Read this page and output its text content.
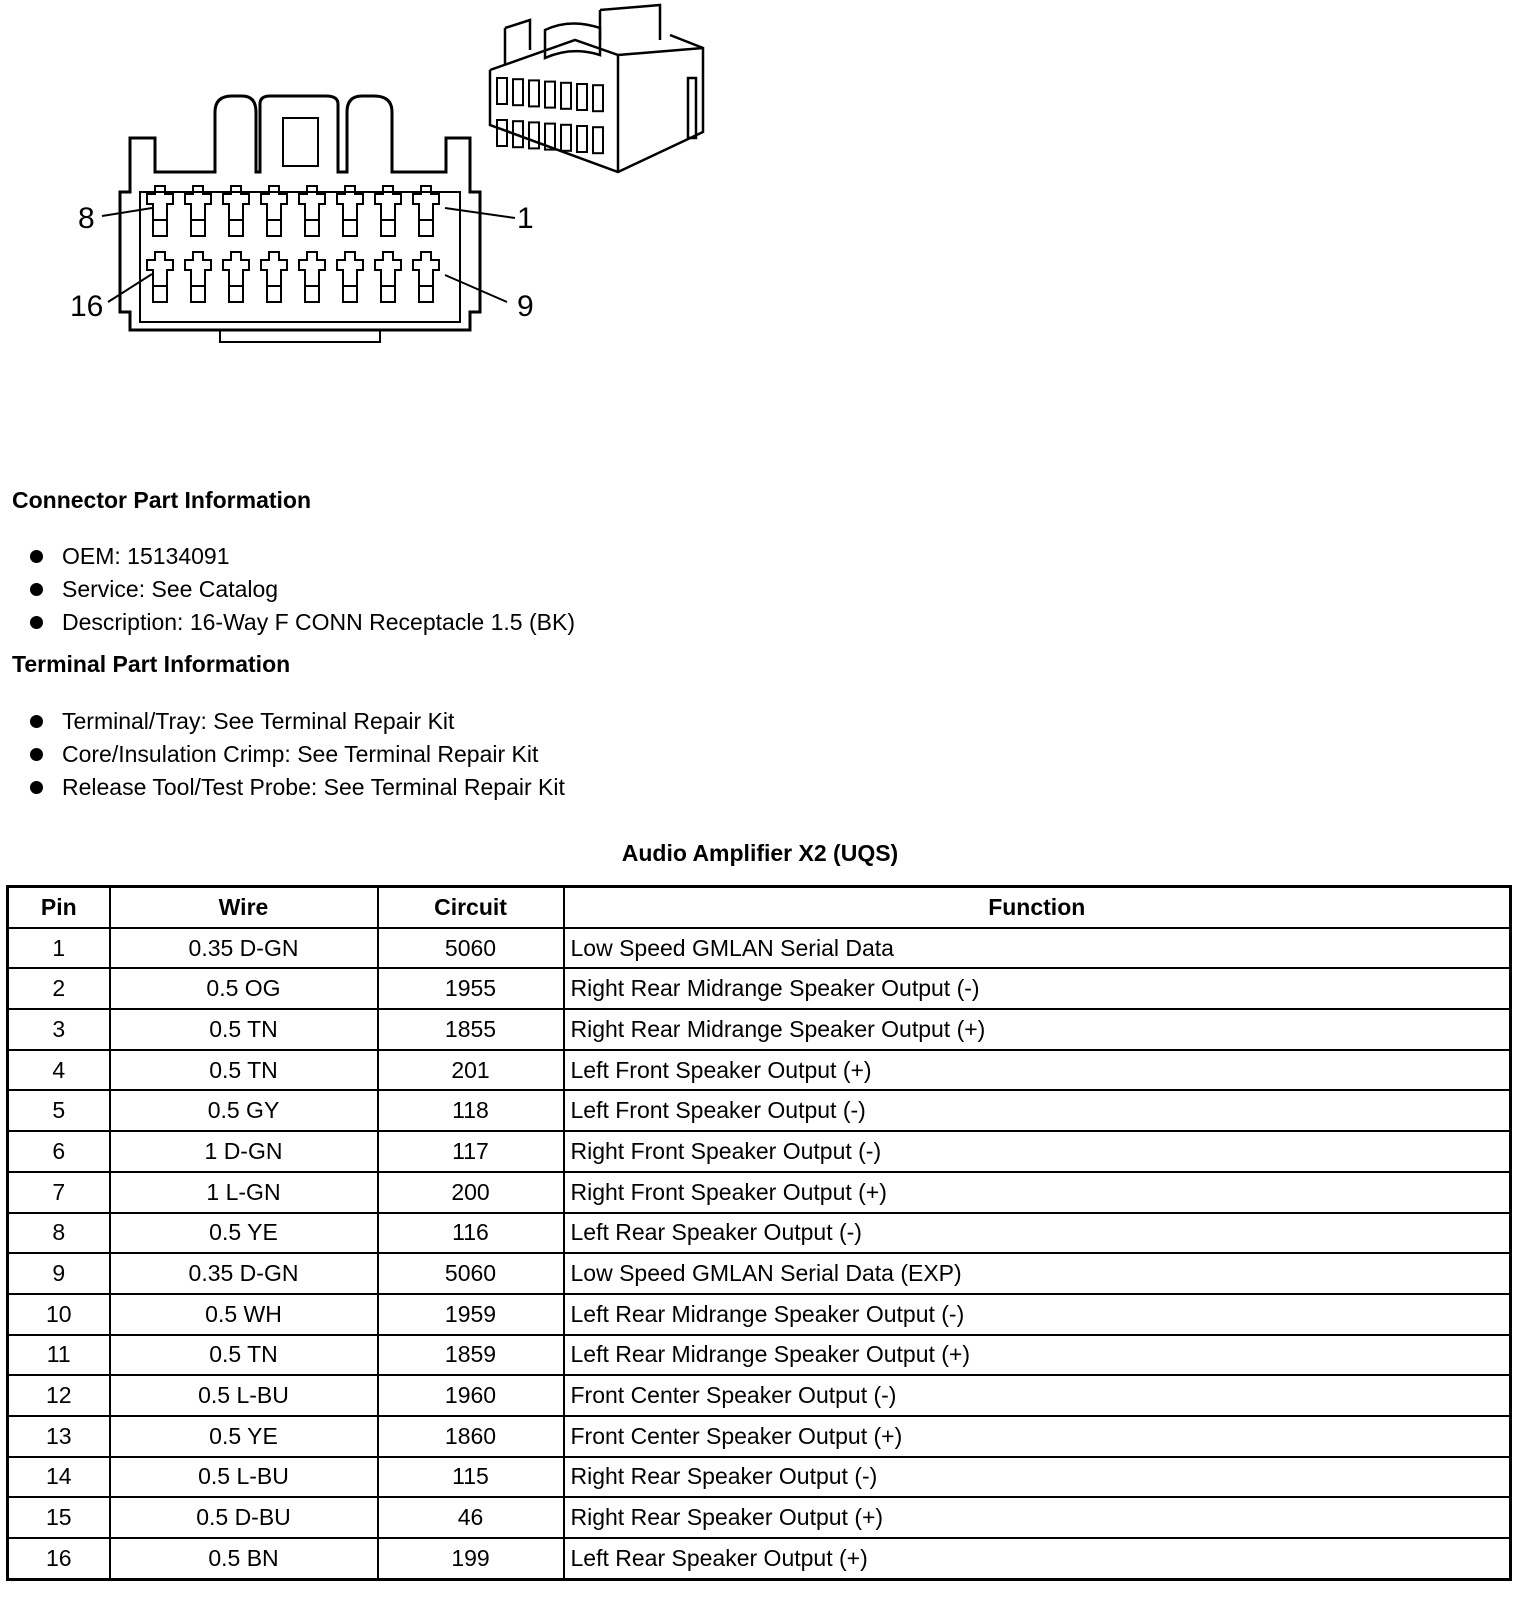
8	1
16	9
Connector Part Information
OEM: 15134091
Service: See Catalog
Description: 16-Way F CONN Receptacle 1.5 (BK)
Terminal Part Information
Terminal/Tray: See Terminal Repair Kit
Core/Insulation Crimp: See Terminal Repair Kit
Release Tool/Test Probe: See Terminal Repair Kit
Audio Amplifier X2 (UQS)
Pin	Wire	Circuit	Function
1	0.35 D-GN	5060	Low Speed GMLAN Serial Data
2	0.5 OG	1955	Right Rear Midrange Speaker Output (-)
3	0.5 TN	1855	Right Rear Midrange Speaker Output (+)
4	0.5 TN	201	Left Front Speaker Output (+)
5	0.5 GY	118	Left Front Speaker Output (-)
6	1 D-GN	117	Right Front Speaker Output (-)
7	1 L-GN	200	Right Front Speaker Output (+)
8	0.5 YE	116	Left Rear Speaker Output (-)
9	0.35 D-GN	5060	Low Speed GMLAN Serial Data (EXP)
10	0.5 WH	1959	Left Rear Midrange Speaker Output (-)
11	0.5 TN	1859	Left Rear Midrange Speaker Output (+)
12	0.5 L-BU	1960	Front Center Speaker Output (-)
13	0.5 YE	1860	Front Center Speaker Output (+)
14	0.5 L-BU	115	Right Rear Speaker Output (-)
15	0.5 D-BU	46	Right Rear Speaker Output (+)
16	0.5 BN	199	Left Rear Speaker Output (+)
